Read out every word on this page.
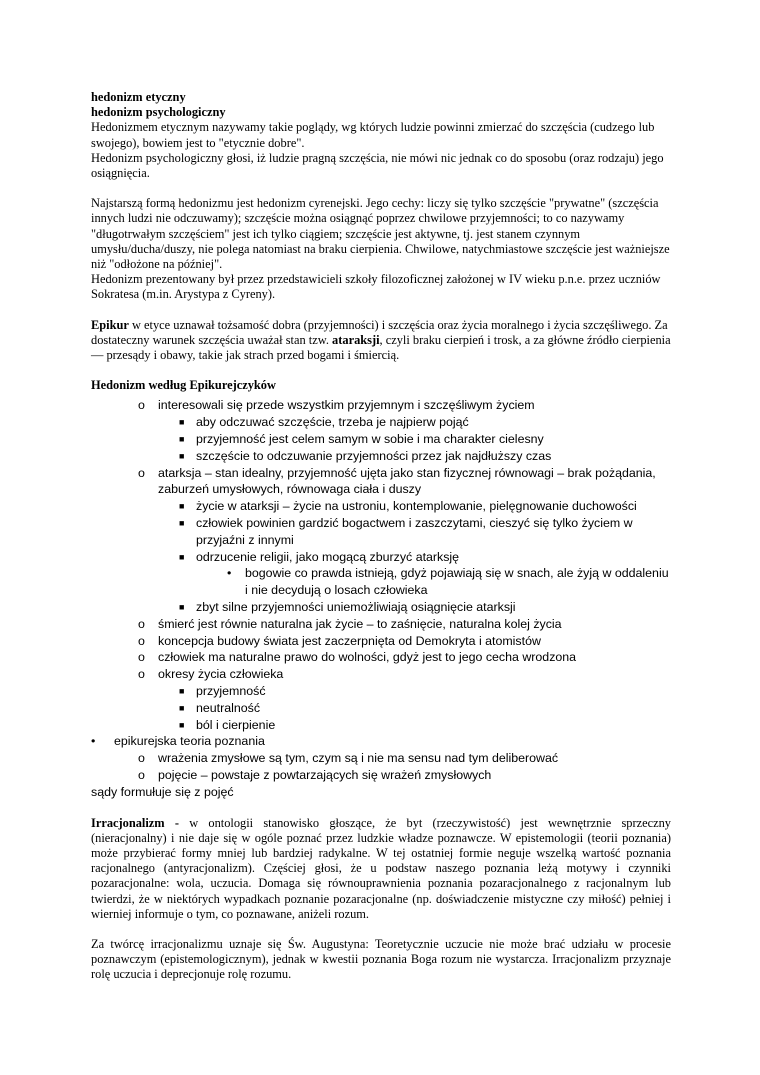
hedonizm etyczny

hedonizm psychologiczny

Hedonizmem etycznym nazywamy takie poglądy, wg których ludzie powinni zmierzać do szczęścia (cudzego lub swojego), bowiem jest to "etycznie dobre".

Hedonizm psychologiczny głosi, iż ludzie pragną szczęścia, nie mówi nic jednak co do sposobu (oraz rodzaju) jego osiągnięcia.

Najstarszą formą hedonizmu jest hedonizm cyrenejski. Jego cechy: liczy się tylko szczęście "prywatne" (szczęścia innych ludzi nie odczuwamy); szczęście można osiągnąć poprzez chwilowe przyjemności; to co nazywamy "długotrwałym szczęściem" jest ich tylko ciągiem; szczęście jest aktywne, tj. jest stanem czynnym umysłu/ducha/duszy, nie polega natomiast na braku cierpienia. Chwilowe, natychmiastowe szczęście jest ważniejsze niż "odłożone na później".

Hedonizm prezentowany był przez przedstawicieli szkoły filozoficznej założonej w IV wieku p.n.e. przez uczniów Sokratesa (m.in. Arystypa z Cyreny).

Epikur w etyce uznawał tożsamość dobra (przyjemności) i szczęścia oraz życia moralnego i życia szczęśliwego. Za dostateczny warunek szczęścia uważał stan tzw. ataraksji, czyli braku cierpień i trosk, a za główne źródło cierpienia — przesądy i obawy, takie jak strach przed bogami i śmiercią.

Hedonizm według Epikurejczyków

o interesowali się przede wszystkim przyjemnym i szczęśliwym życiem
■ aby odczuwać szczęście, trzeba je najpierw pojąć
■ przyjemność jest celem samym w sobie i ma charakter cielesny
■ szczęście to odczuwanie przyjemności przez jak najdłuższy czas
o atarksja – stan idealny, przyjemność ujęta jako stan fizycznej równowagi – brak pożądania, zaburzeń umysłowych, równowaga ciała i duszy
■ życie w atarksji – życie na ustroniu, kontemplowanie, pielęgnowanie duchowości
■ człowiek powinien gardzić bogactwem i zaszczytami, cieszyć się tylko życiem w przyjaźni z innymi
■ odrzucenie religii, jako mogącą zburzyć atarksję
• bogowie co prawda istnieją, gdyż pojawiają się w snach, ale żyją w oddaleniu i nie decydują o losach człowieka
■ zbyt silne przyjemności uniemożliwiają osiągnięcie atarksji
o śmierć jest równie naturalna jak życie – to zaśnięcie, naturalna kolej życia
o koncepcja budowy świata jest zaczerpnięta od Demokryta i atomistów
o człowiek ma naturalne prawo do wolności, gdyż jest to jego cecha wrodzona
o okresy życia człowieka
■ przyjemność
■ neutralność
■ ból i cierpienie
• epikurejska teoria poznania
o wrażenia zmysłowe są tym, czym są i nie ma sensu nad tym deliberować
o pojęcie – powstaje z powtarzających się wrażeń zmysłowych

sądy formułuje się z pojęć

Irracjonalizm - w ontologii stanowisko głoszące, że byt (rzeczywistość) jest wewnętrznie sprzeczny (nieracjonalny) i nie daje się w ogóle poznać przez ludzkie władze poznawcze. W epistemologii (teorii poznania) może przybierać formy mniej lub bardziej radykalne. W tej ostatniej formie neguje wszelką wartość poznania racjonalnego (antyracjonalizm). Częściej głosi, że u podstaw naszego poznania leżą motywy i czynniki pozaracjonalne: wola, uczucia. Domaga się równouprawnienia poznania pozaracjonalnego z racjonalnym lub twierdzi, że w niektórych wypadkach poznanie pozaracjonalne (np. doświadczenie mistyczne czy miłość) pełniej i wierniej informuje o tym, co poznawane, aniżeli rozum.

Za twórcę irracjonalizmu uznaje się Św. Augustyna: Teoretycznie uczucie nie może brać udziału w procesie poznawczym (epistemologicznym), jednak w kwestii poznania Boga rozum nie wystarcza. Irracjonalizm przyznaje rolę uczucia i deprecjonuje rolę rozumu.
